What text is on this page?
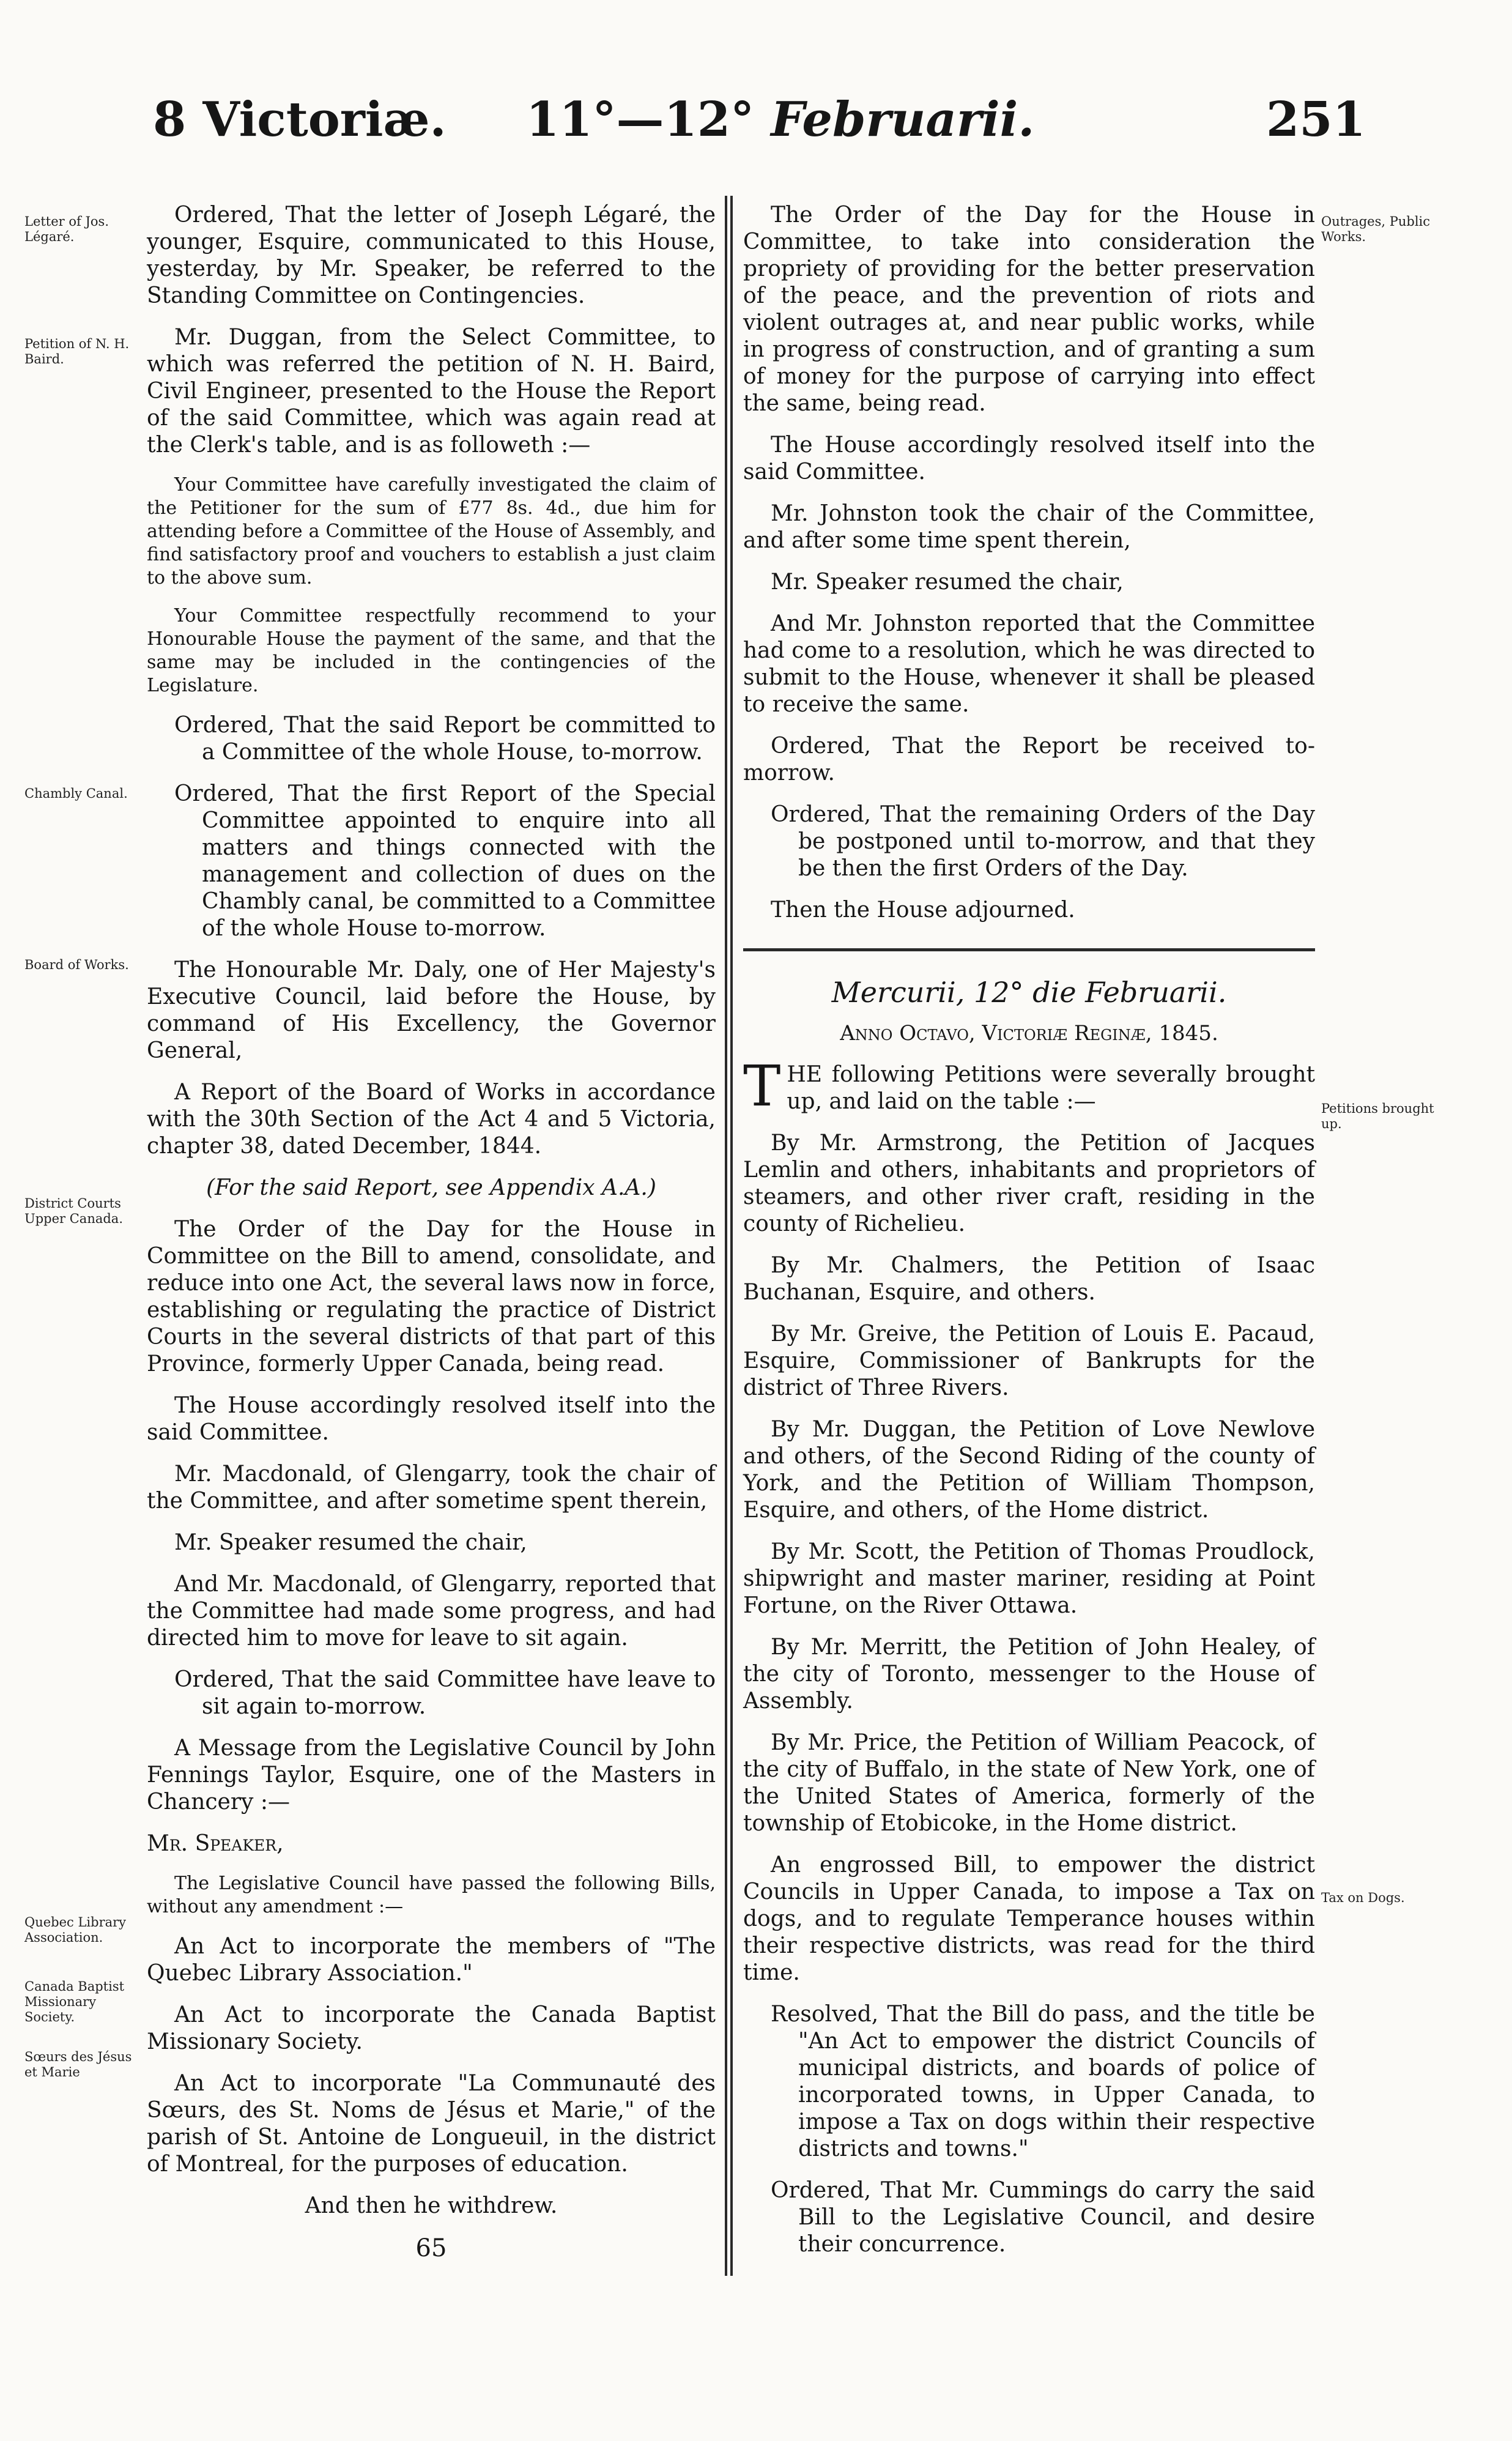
8 Victoriæ. 11°—12° Februarii.	251
Letter of Jos. Légaré.
Petition of N. H. Baird.
Chambly Canal.
Board of Works.
District Courts Upper Canada.
Quebec Library Association.
Canada Baptist Missionary Society.
Sœurs des Jésus et Marie
Outrages, Public Works.
Petitions brought up.
Tax on Dogs.

Ordered, That the letter of Joseph Légaré, the younger, Esquire, communicated to this House, yesterday, by Mr. Speaker, be referred to the Standing Committee on Contingencies.

Mr. Duggan, from the Select Committee, to which was referred the petition of N. H. Baird, Civil Engineer, presented to the House the Report of the said Committee, which was again read at the Clerk's table, and is as followeth :—

Your Committee have carefully investigated the claim of the Petitioner for the sum of £77 8s. 4d., due him for attending before a Committee of the House of Assembly, and find satisfactory proof and vouchers to establish a just claim to the above sum.

Your Committee respectfully recommend to your Honourable House the payment of the same, and that the same may be included in the contingencies of the Legislature.

Ordered, That the said Report be committed to a Committee of the whole House, to-morrow.

Ordered, That the first Report of the Special Committee appointed to enquire into all matters and things connected with the management and collection of dues on the Chambly canal, be committed to a Committee of the whole House to-morrow.

The Honourable Mr. Daly, one of Her Majesty's Executive Council, laid before the House, by command of His Excellency, the Governor General,

A Report of the Board of Works in accordance with the 30th Section of the Act 4 and 5 Victoria, chapter 38, dated December, 1844.

(For the said Report, see Appendix A.A.)

The Order of the Day for the House in Committee on the Bill to amend, consolidate, and reduce into one Act, the several laws now in force, establishing or regulating the practice of District Courts in the several districts of that part of this Province, formerly Upper Canada, being read.

The House accordingly resolved itself into the said Committee.

Mr. Macdonald, of Glengarry, took the chair of the Committee, and after sometime spent therein,

Mr. Speaker resumed the chair,

And Mr. Macdonald, of Glengarry, reported that the Committee had made some progress, and had directed him to move for leave to sit again.

Ordered, That the said Committee have leave to sit again to-morrow.

A Message from the Legislative Council by John Fennings Taylor, Esquire, one of the Masters in Chancery :—

Mr. Speaker,

The Legislative Council have passed the following Bills, without any amendment :—

An Act to incorporate the members of "The Quebec Library Association."

An Act to incorporate the Canada Baptist Missionary Society.

An Act to incorporate "La Communauté des Sœurs, des St. Noms de Jésus et Marie," of the parish of St. Antoine de Longueuil, in the district of Montreal, for the purposes of education.

And then he withdrew.

65

The Order of the Day for the House in Committee, to take into consideration the propriety of providing for the better preservation of the peace, and the prevention of riots and violent outrages at, and near public works, while in progress of construction, and of granting a sum of money for the purpose of carrying into effect the same, being read.

The House accordingly resolved itself into the said Committee.

Mr. Johnston took the chair of the Committee, and after some time spent therein,

Mr. Speaker resumed the chair,

And Mr. Johnston reported that the Committee had come to a resolution, which he was directed to submit to the House, whenever it shall be pleased to receive the same.

Ordered, That the Report be received to-morrow.

Ordered, That the remaining Orders of the Day be postponed until to-morrow, and that they be then the first Orders of the Day.

Then the House adjourned.

Mercurii, 12° die Februarii.
Anno Octavo, Victoriæ Reginæ, 1845.

T HE following Petitions were severally brought up, and laid on the table :—

By Mr. Armstrong, the Petition of Jacques Lemlin and others, inhabitants and proprietors of steamers, and other river craft, residing in the county of Richelieu.

By Mr. Chalmers, the Petition of Isaac Buchanan, Esquire, and others.

By Mr. Greive, the Petition of Louis E. Pacaud, Esquire, Commissioner of Bankrupts for the district of Three Rivers.

By Mr. Duggan, the Petition of Love Newlove and others, of the Second Riding of the county of York, and the Petition of William Thompson, Esquire, and others, of the Home district.

By Mr. Scott, the Petition of Thomas Proudlock, shipwright and master mariner, residing at Point Fortune, on the River Ottawa.

By Mr. Merritt, the Petition of John Healey, of the city of Toronto, messenger to the House of Assembly.

By Mr. Price, the Petition of William Peacock, of the city of Buffalo, in the state of New York, one of the United States of America, formerly of the township of Etobicoke, in the Home district.

An engrossed Bill, to empower the district Councils in Upper Canada, to impose a Tax on dogs, and to regulate Temperance houses within their respective districts, was read for the third time.

Resolved, That the Bill do pass, and the title be "An Act to empower the district Councils of municipal districts, and boards of police of incorporated towns, in Upper Canada, to impose a Tax on dogs within their respective districts and towns."

Ordered, That Mr. Cummings do carry the said Bill to the Legislative Council, and desire their concurrence.
